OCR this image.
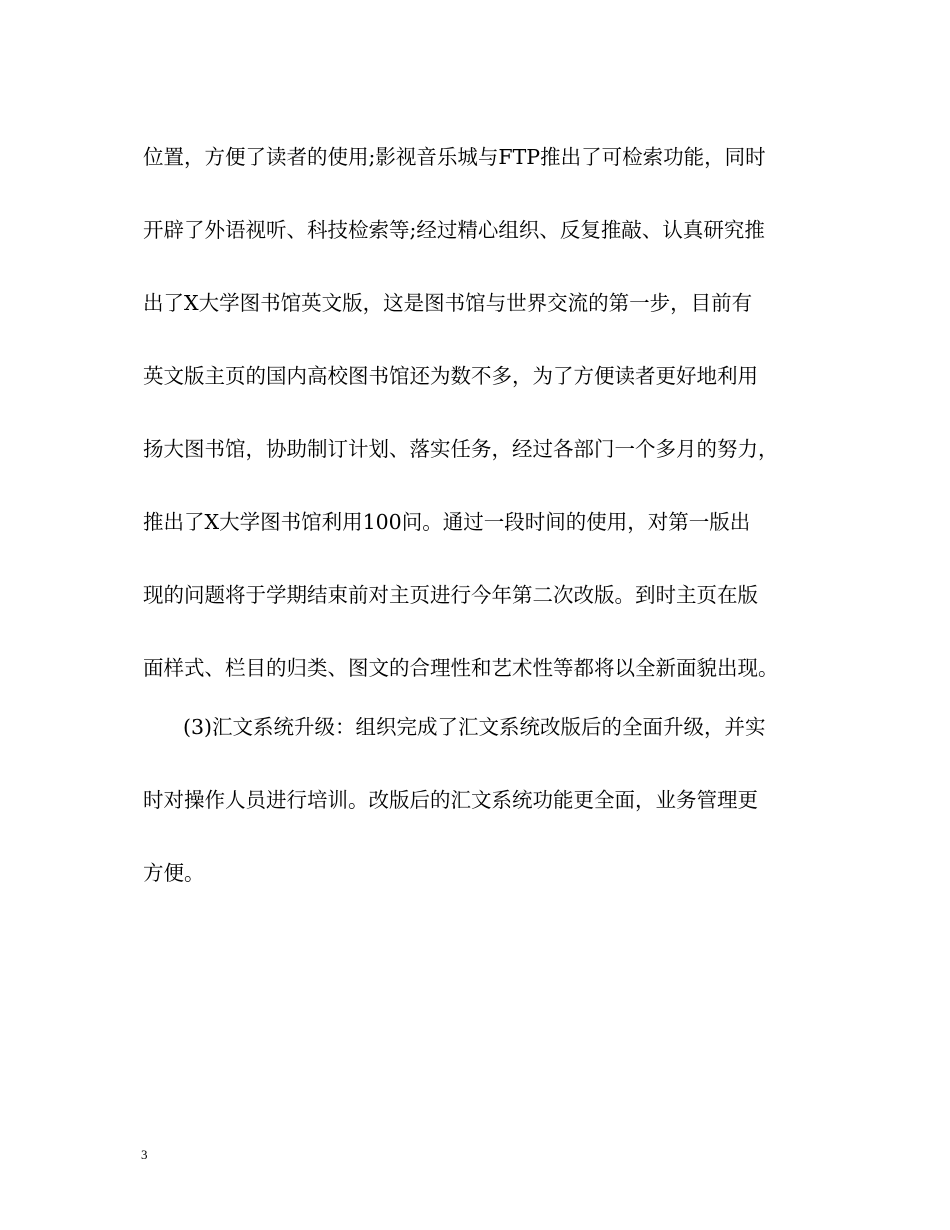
位置，方便了读者的使用;影视音乐城与FTP推出了可检索功能，同时
开辟了外语视听、科技检索等;经过精心组织、反复推敲、认真研究推
出了X大学图书馆英文版，这是图书馆与世界交流的第一步，目前有
英文版主页的国内高校图书馆还为数不多，为了方便读者更好地利用
扬大图书馆，协助制订计划、落实任务，经过各部门一个多月的努力，
推出了X大学图书馆利用100问。通过一段时间的使用，对第一版出
现的问题将于学期结束前对主页进行今年第二次改版。到时主页在版
面样式、栏目的归类、图文的合理性和艺术性等都将以全新面貌出现。
(3)汇文系统升级：组织完成了汇文系统改版后的全面升级，并实
时对操作人员进行培训。改版后的汇文系统功能更全面，业务管理更
方便。
3
